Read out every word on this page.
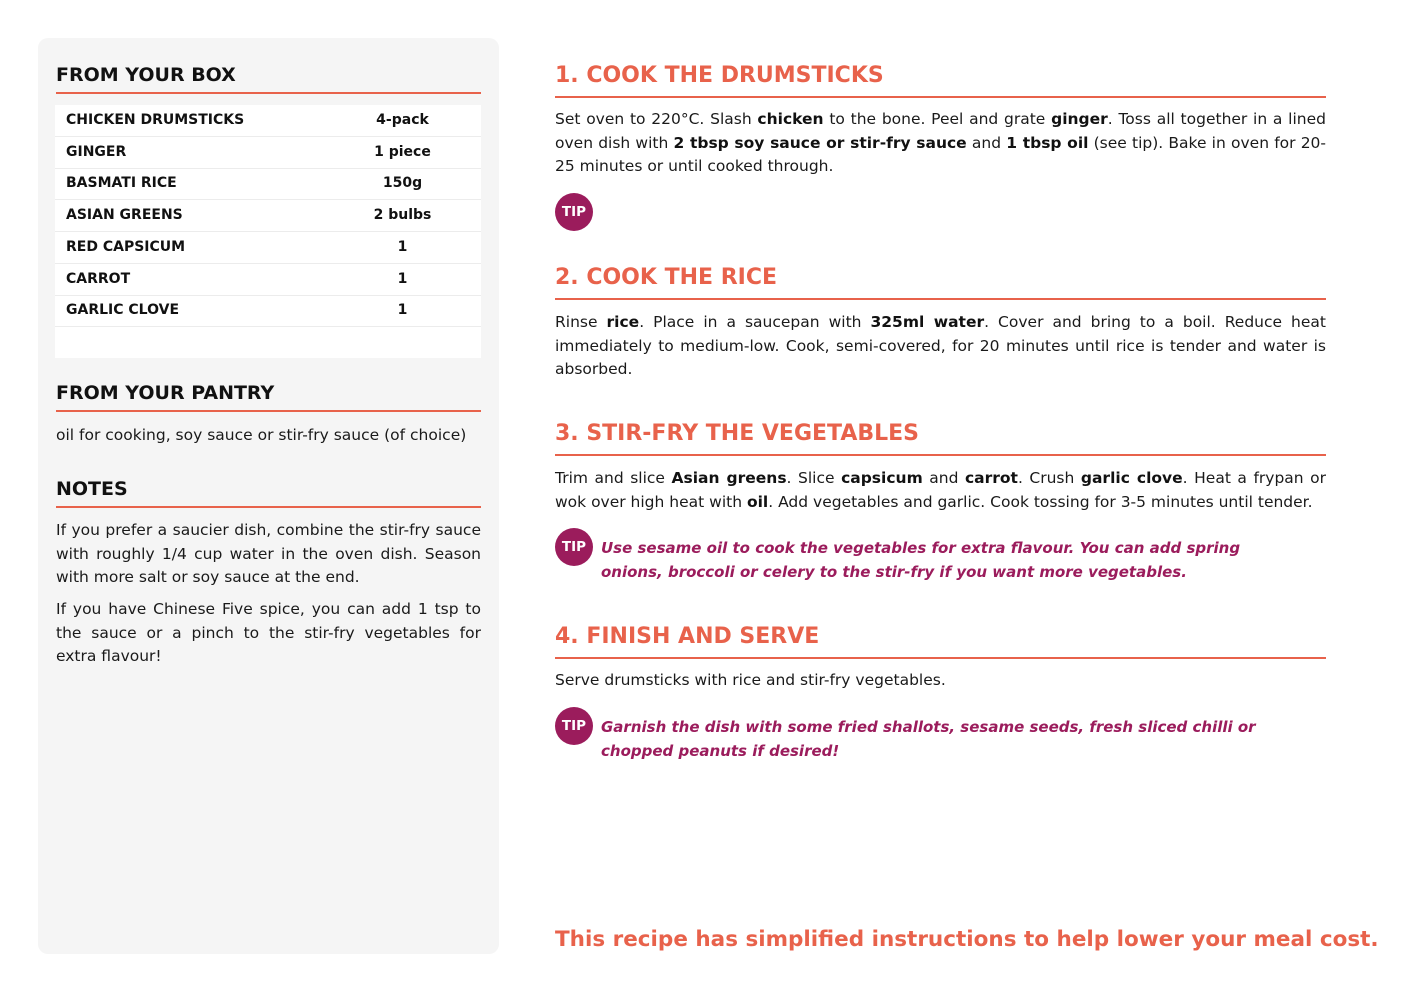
FROM YOUR BOX
CHICKEN DRUMSTICKS	4-pack
GINGER	1 piece
BASMATI RICE	150g
ASIAN GREENS	2 bulbs
RED CAPSICUM	1
CARROT	1
GARLIC CLOVE	1
FROM YOUR PANTRY

oil for cooking, soy sauce or stir-fry sauce (of choice)

NOTES

If you prefer a saucier dish, combine the stir-fry sauce with roughly 1/4 cup water in the oven dish. Season with more salt or soy sauce at the end.

If you have Chinese Five spice, you can add 1 tsp to the sauce or a pinch to the stir-fry vegetables for extra flavour!

1. COOK THE DRUMSTICKS

Set oven to 220°C. Slash chicken to the bone. Peel and grate ginger. Toss all together in a lined oven dish with 2 tbsp soy sauce or stir-fry sauce and 1 tbsp oil (see tip). Bake in oven for 20-25 minutes or until cooked through.

TIP
2. COOK THE RICE

Rinse rice. Place in a saucepan with 325ml water. Cover and bring to a boil. Reduce heat immediately to medium-low. Cook, semi-covered, for 20 minutes until rice is tender and water is absorbed.

3. STIR-FRY THE VEGETABLES

Trim and slice Asian greens. Slice capsicum and carrot. Crush garlic clove. Heat a frypan or wok over high heat with oil. Add vegetables and garlic. Cook tossing for 3-5 minutes until tender.

TIP Use sesame oil to cook the vegetables for extra flavour. You can add spring onions, broccoli or celery to the stir-fry if you want more vegetables.

4. FINISH AND SERVE

Serve drumsticks with rice and stir-fry vegetables.

TIP Garnish the dish with some fried shallots, sesame seeds, fresh sliced chilli or chopped peanuts if desired!

This recipe has simplified instructions to help lower your meal cost.
